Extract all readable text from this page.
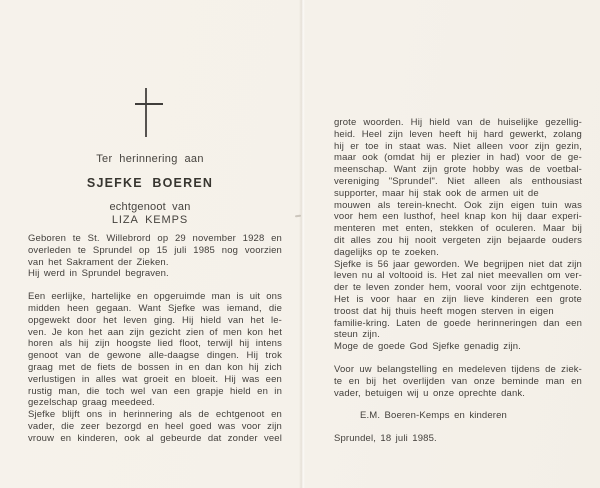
Ter herinnering aan
SJEFKE BOEREN
echtgenoot van
LIZA KEMPS
Geboren te St. Willebrord op 29 november 1928 en
overleden te Sprundel op 15 juli 1985 nog voorzien
van het Sakrament der Zieken.
Hij werd in Sprundel begraven.
Een eerlijke, hartelijke en opgeruimde man is uit ons
midden heen gegaan. Want Sjefke was iemand, die
opgewekt door het leven ging. Hij hield van het le-
ven. Je kon het aan zijn gezicht zien of men kon het
horen als hij zijn hoogste lied floot, terwijl hij intens
genoot van de gewone alle-daagse dingen. Hij trok
graag met de fiets de bossen in en dan kon hij zich
verlustigen in alles wat groeit en bloeit. Hij was een
rustig man, die toch wel van een grapje hield en in
gezelschap graag meedeed.
Sjefke blijft ons in herinnering als de echtgenoot en
vader, die zeer bezorgd en heel goed was voor zijn
vrouw en kinderen, ook al gebeurde dat zonder veel
grote woorden. Hij hield van de huiselijke gezellig-
heid. Heel zijn leven heeft hij hard gewerkt, zolang
hij er toe in staat was. Niet alleen voor zijn gezin,
maar ook (omdat hij er plezier in had) voor de ge-
meenschap. Want zijn grote hobby was de voetbal-
vereniging "Sprundel". Niet alleen als enthousiast
supporter, maar hij stak ook de armen uit de
mouwen als terein-knecht. Ook zijn eigen tuin was
voor hem een lusthof, heel knap kon hij daar experi-
menteren met enten, stekken of oculeren. Maar bij
dit alles zou hij nooit vergeten zijn bejaarde ouders
dagelijks op te zoeken.
Sjefke is 56 jaar geworden. We begrijpen niet dat zijn
leven nu al voltooid is. Het zal niet meevallen om ver-
der te leven zonder hem, vooral voor zijn echtgenote.
Het is voor haar en zijn lieve kinderen een grote
troost dat hij thuis heeft mogen sterven in eigen
familie-kring. Laten de goede herinneringen dan een
steun zijn.
Moge de goede God Sjefke genadig zijn.
Voor uw belangstelling en medeleven tijdens de ziek-
te en bij het overlijden van onze beminde man en
vader, betuigen wij u onze oprechte dank.
E.M. Boeren-Kemps en kinderen
Sprundel, 18 juli 1985.
